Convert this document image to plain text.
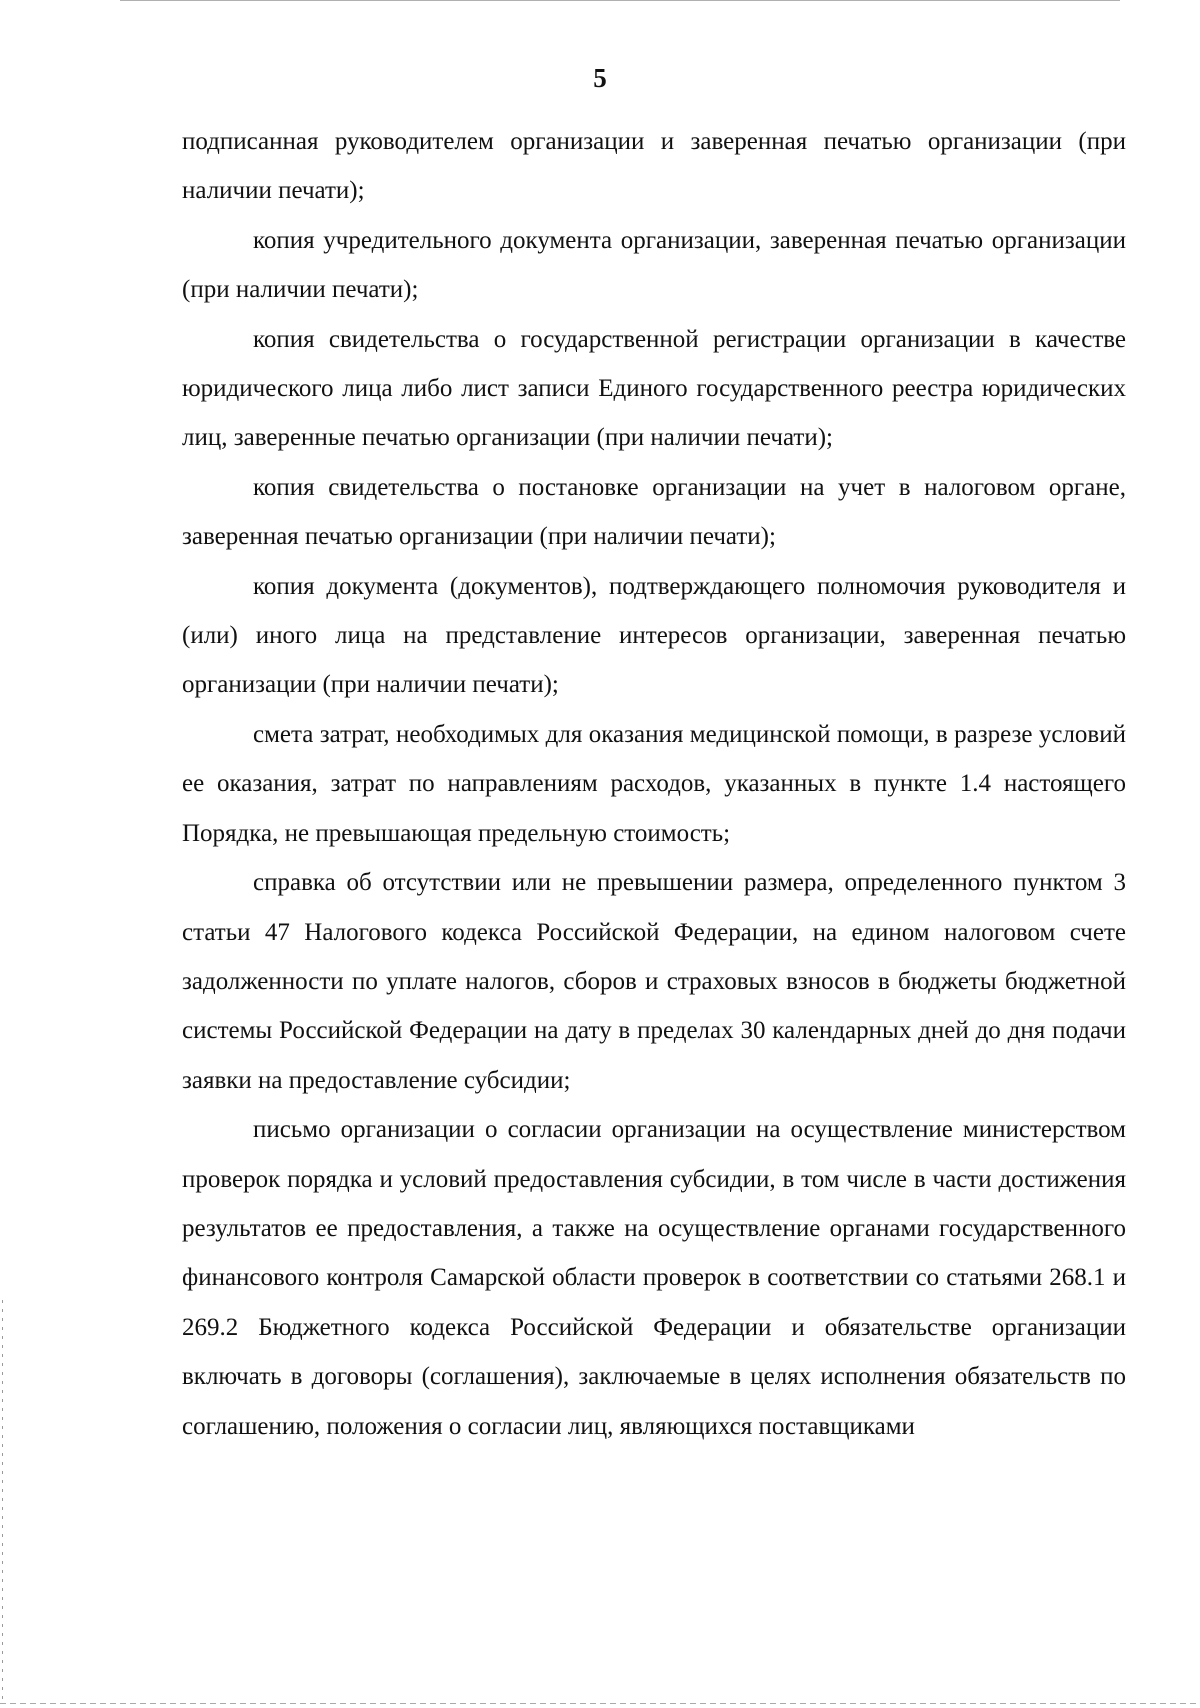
5

подписанная руководителем организации и заверенная печатью организации (при наличии печати);

копия учредительного документа организации, заверенная печатью организации (при наличии печати);

копия свидетельства о государственной регистрации организации в качестве юридического лица либо лист записи Единого государственного реестра юридических лиц, заверенные печатью организации (при наличии печати);

копия свидетельства о постановке организации на учет в налоговом органе, заверенная печатью организации (при наличии печати);

копия документа (документов), подтверждающего полномочия руководителя и (или) иного лица на представление интересов организации, заверенная печатью организации (при наличии печати);

смета затрат, необходимых для оказания медицинской помощи, в разрезе условий ее оказания, затрат по направлениям расходов, указанных в пункте 1.4 настоящего Порядка, не превышающая предельную стоимость;

справка об отсутствии или не превышении размера, определенного пунктом 3 статьи 47 Налогового кодекса Российской Федерации, на едином налоговом счете задолженности по уплате налогов, сборов и страховых взносов в бюджеты бюджетной системы Российской Федерации на дату в пределах 30 календарных дней до дня подачи заявки на предоставление субсидии;

письмо организации о согласии организации на осуществление министерством проверок порядка и условий предоставления субсидии, в том числе в части достижения результатов ее предоставления, а также на осуществление органами государственного финансового контроля Самарской области проверок в соответствии со статьями 268.1 и 269.2 Бюджетного кодекса Российской Федерации и обязательстве организации включать в договоры (соглашения), заключаемые в целях исполнения обязательств по соглашению, положения о согласии лиц, являющихся поставщиками
